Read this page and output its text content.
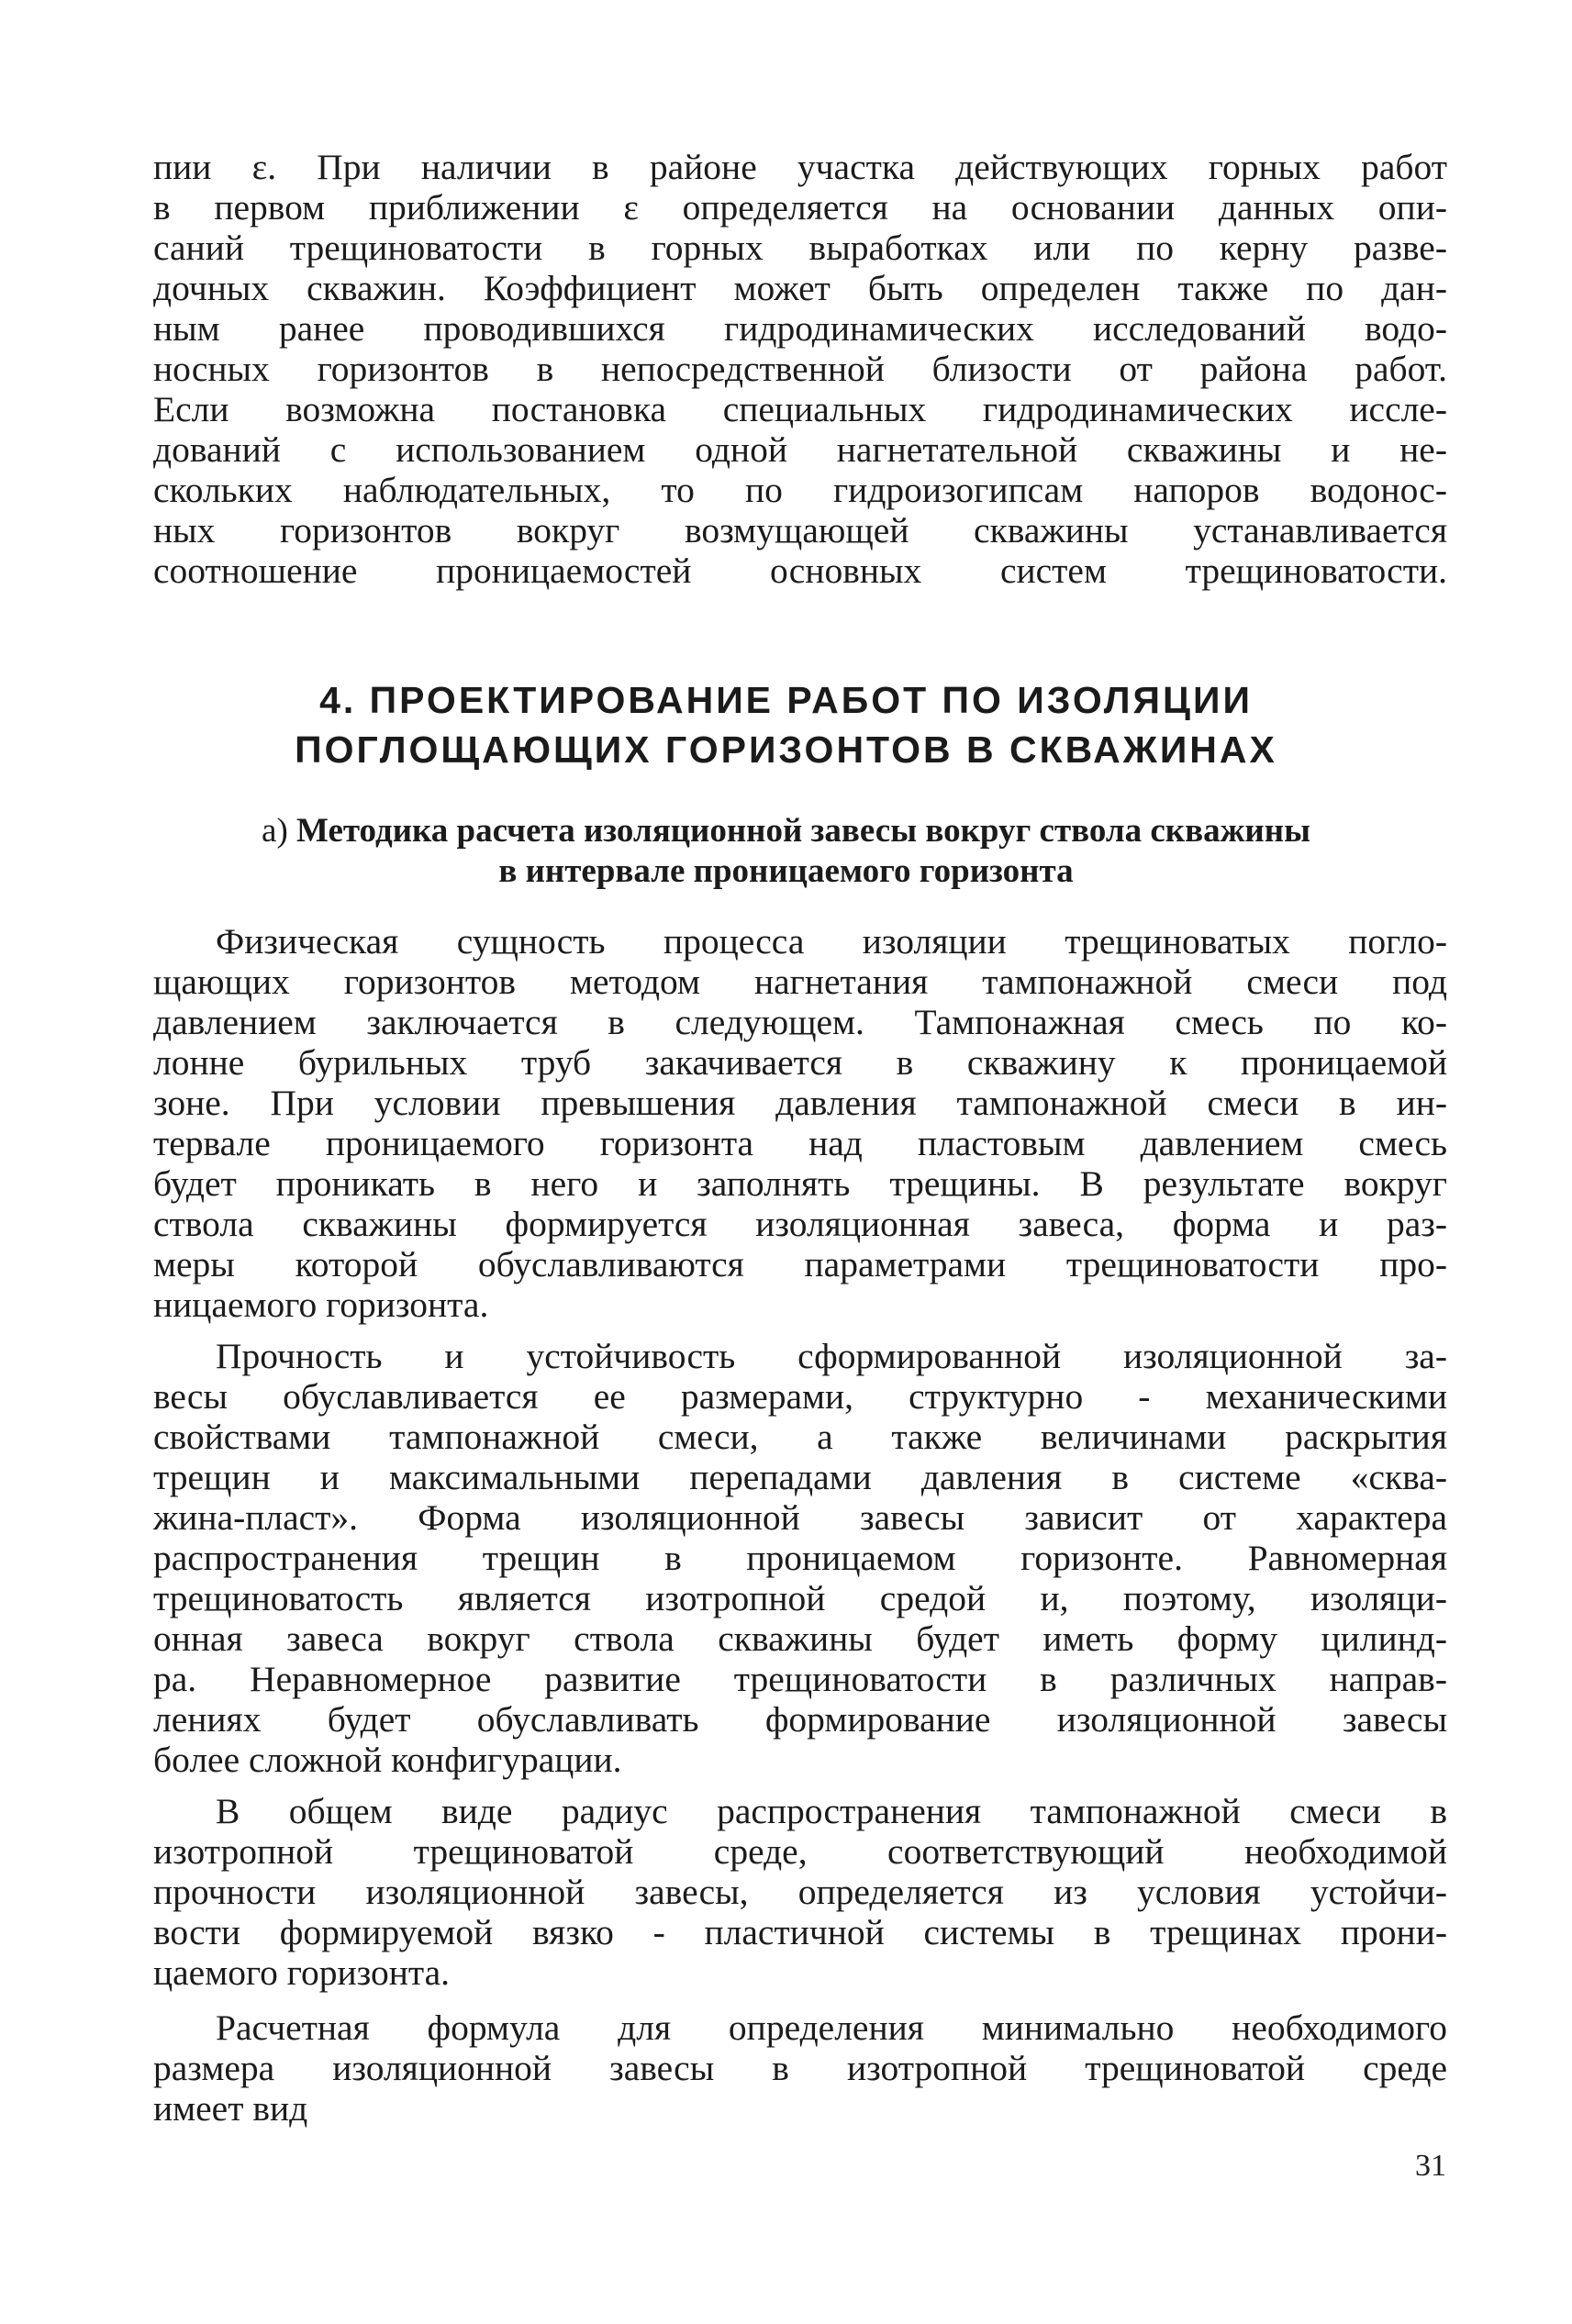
пии ε. При наличии в районе участка действующих горных работ
в первом приближении ε определяется на основании данных опи-
саний трещиноватости в горных выработках или по керну разве-
дочных скважин. Коэффициент может быть определен также по дан-
ным ранее проводившихся гидродинамических исследований водо-
носных горизонтов в непосредственной близости от района работ.
Если возможна постановка специальных гидродинамических иссле-
дований с использованием одной нагнетательной скважины и не-
скольких наблюдательных, то по гидроизогипсам напоров водонос-
ных горизонтов вокруг возмущающей скважины устанавливается
соотношение проницаемостей основных систем трещиноватости.
4. ПРОЕКТИРОВАНИЕ РАБОТ ПО ИЗОЛЯЦИИ
ПОГЛОЩАЮЩИХ ГОРИЗОНТОВ В СКВАЖИНАХ
а) Методика расчета изоляционной завесы вокруг ствола скважины
в интервале проницаемого горизонта
Физическая сущность процесса изоляции трещиноватых погло-
щающих горизонтов методом нагнетания тампонажной смеси под
давлением заключается в следующем. Тампонажная смесь по ко-
лонне бурильных труб закачивается в скважину к проницаемой
зоне. При условии превышения давления тампонажной смеси в ин-
тервале проницаемого горизонта над пластовым давлением смесь
будет проникать в него и заполнять трещины. В результате вокруг
ствола скважины формируется изоляционная завеса, форма и раз-
меры которой обуславливаются параметрами трещиноватости про-
ницаемого горизонта.
Прочность и устойчивость сформированной изоляционной за-
весы обуславливается ее размерами, структурно - механическими
свойствами тампонажной смеси, а также величинами раскрытия
трещин и максимальными перепадами давления в системе «сква-
жина-пласт». Форма изоляционной завесы зависит от характера
распространения трещин в проницаемом горизонте. Равномерная
трещиноватость является изотропной средой и, поэтому, изоляци-
онная завеса вокруг ствола скважины будет иметь форму цилинд-
ра. Неравномерное развитие трещиноватости в различных направ-
лениях будет обуславливать формирование изоляционной завесы
более сложной конфигурации.
В общем виде радиус распространения тампонажной смеси в
изотропной трещиноватой среде, соответствующий необходимой
прочности изоляционной завесы, определяется из условия устойчи-
вости формируемой вязко - пластичной системы в трещинах прони-
цаемого горизонта.
Расчетная формула для определения минимально необходимого
размера изоляционной завесы в изотропной трещиноватой среде
имеет вид
31
